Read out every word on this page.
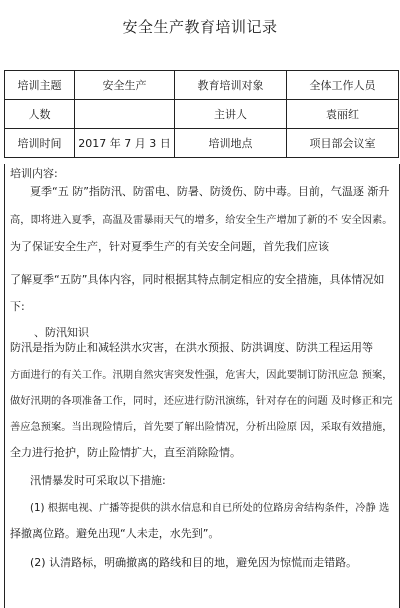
安全生产教育培训记录
培训主题	安全生产	教育培训对象	全体工作人员
人数		主讲人	袁丽红
培训时间	2017 年 7 月 3 日	培训地点	项目部会议室
培训内容:
夏季“五 防”指防汛、防雷电、防暑、防烫伤、防中毒。目前，气温逐 渐升
高，即将进入夏季，高温及雷暴雨天气的增多，给安全生产增加了新的不 安全因素。
为了保证安全生产，针对夏季生产的有关安全问题，首先我们应该
了解夏季“五防”具体内容，同时根据其特点制定相应的安全措施，具体情况如
下:
、防汛知识
防汛是指为防止和减轻洪水灾害，在洪水预报、防洪调度、防洪工程运用等
方面进行的有关工作。汛期自然灾害突发性强，危害大，因此要制订防汛应急 预案，
做好汛期的各项准备工作，同时，还应进行防汛演练，针对存在的问题 及时修正和完
善应急预案。当出现险情后，首先要了解出险情况，分析出险原 因，采取有效措施，
全力进行抢护，防止险情扩大，直至消除险情。
汛情暴发时可采取以下措施:
(1) 根据电视、广播等提供的洪水信息和自已所处的位路房舍结构条件，冷静 选
择撤离位路。避免出现“人未走，水先到”。
(2) 认清路标，明确撤离的路线和目的地，避免因为惊慌而走错路。
